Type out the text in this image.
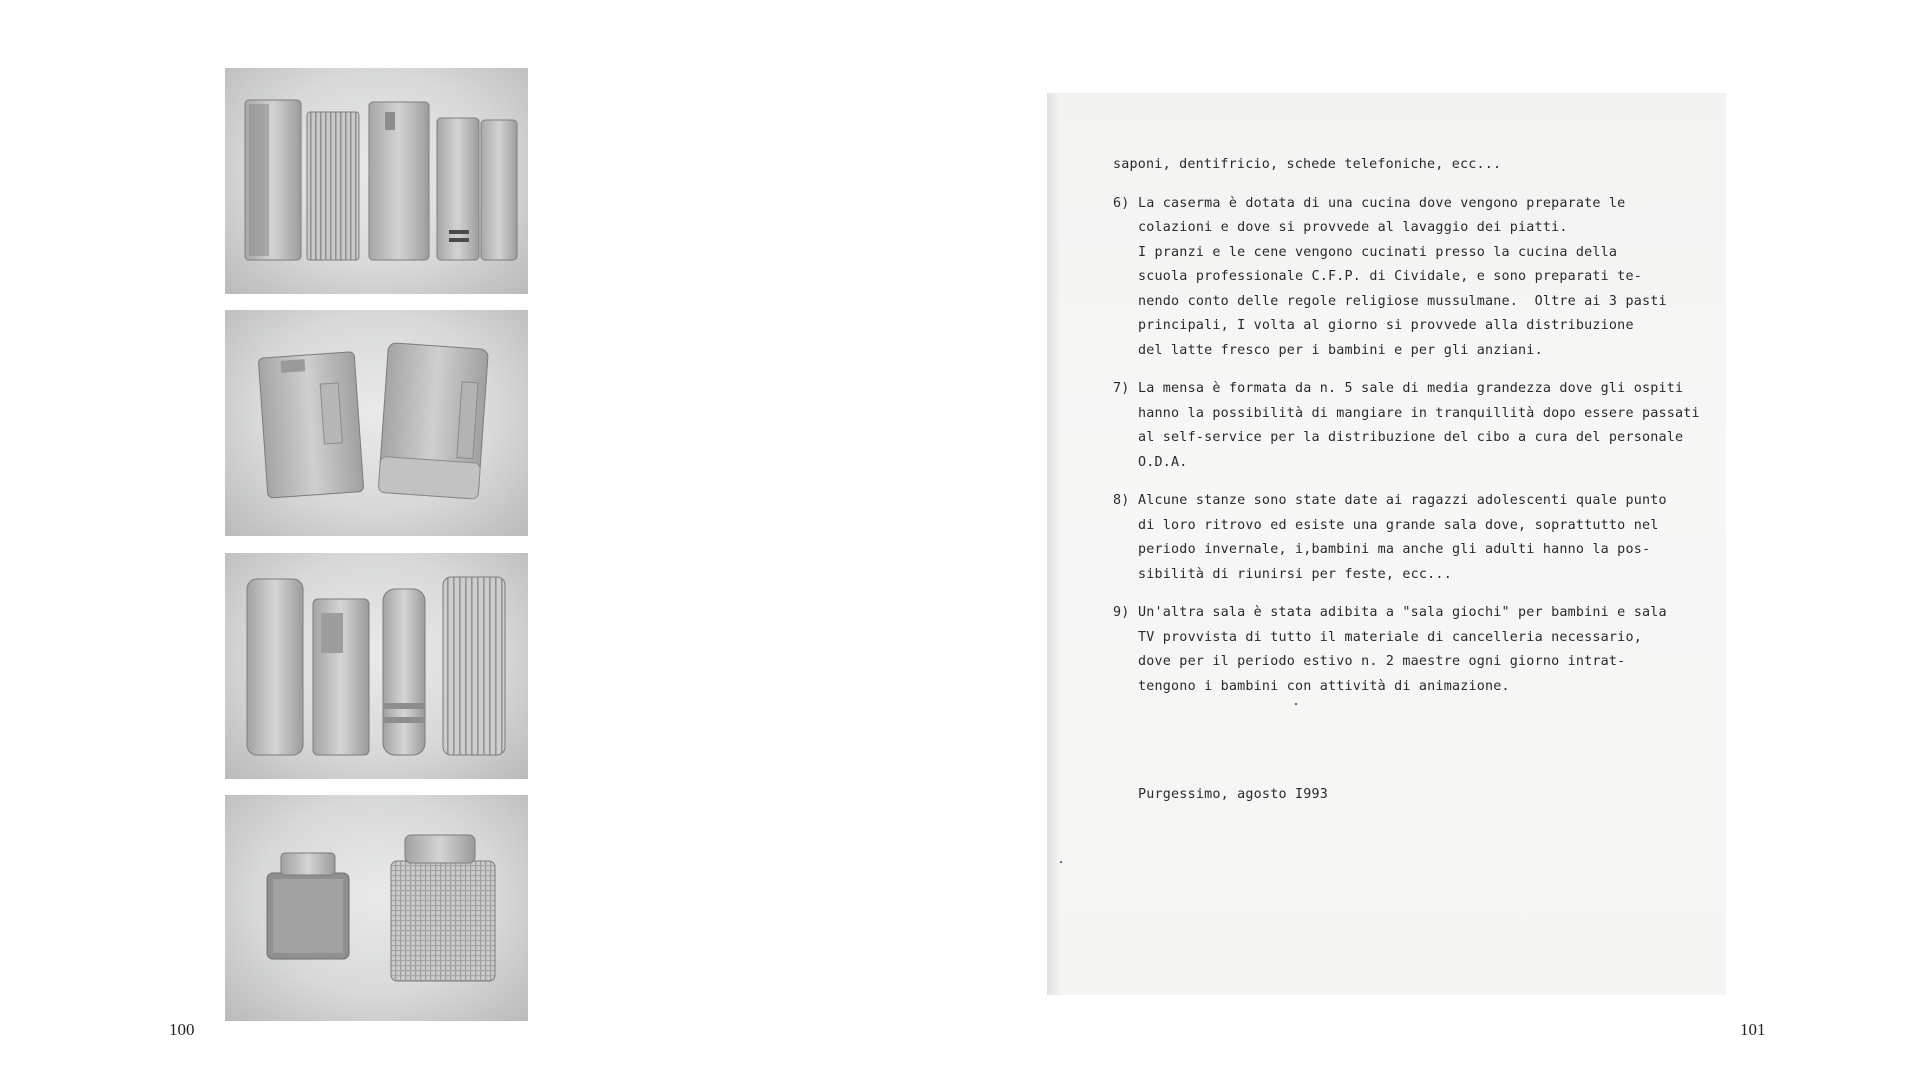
100

saponi, dentifricio, schede telefoniche, ecc...

6) La caserma è dotata di una cucina dove vengono preparate le

colazioni e dove si provvede al lavaggio dei piatti.

I pranzi e le cene vengono cucinati presso la cucina della

scuola professionale C.F.P. di Cividale, e sono preparati te-

nendo conto delle regole religiose mussulmane.  Oltre ai 3 pasti

principali, I volta al giorno si provvede alla distribuzione

del latte fresco per i bambini e per gli anziani.

7) La mensa è formata da n. 5 sale di media grandezza dove gli ospiti

hanno la possibilità di mangiare in tranquillità dopo essere passati

al self-service per la distribuzione del cibo a cura del personale

O.D.A.

8) Alcune stanze sono state date ai ragazzi adolescenti quale punto

di loro ritrovo ed esiste una grande sala dove, soprattutto nel

periodo invernale, i,bambini ma anche gli adulti hanno la pos-

sibilità di riunirsi per feste, ecc...

9) Un'altra sala è stata adibita a "sala giochi" per bambini e sala

TV provvista di tutto il materiale di cancelleria necessario,

dove per il periodo estivo n. 2 maestre ogni giorno intrat-

tengono i bambini con attività di animazione.

Purgessimo, agosto I993

101
